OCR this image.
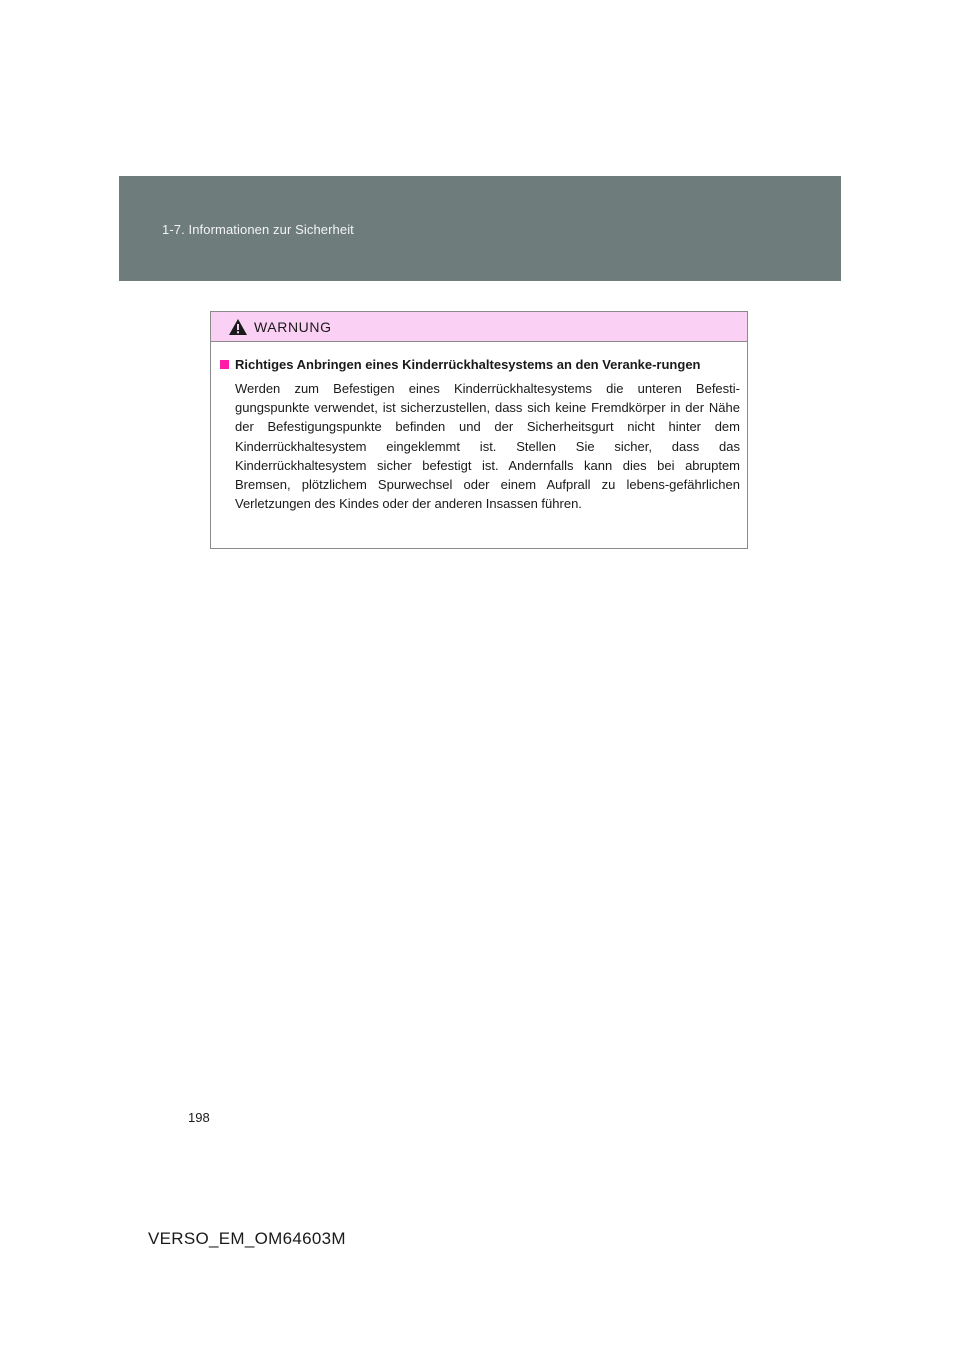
1-7. Informationen zur Sicherheit
WARNUNG
Richtiges Anbringen eines Kinderrückhaltesystems an den Veranke-rungen
Werden zum Befestigen eines Kinderrückhaltesystems die unteren Befesti-gungspunkte verwendet, ist sicherzustellen, dass sich keine Fremdkörper in der Nähe der Befestigungspunkte befinden und der Sicherheitsgurt nicht hinter dem Kinderrückhaltesystem eingeklemmt ist. Stellen Sie sicher, dass das Kinderrückhaltesystem sicher befestigt ist. Andernfalls kann dies bei abruptem Bremsen, plötzlichem Spurwechsel oder einem Aufprall zu lebens-gefährlichen Verletzungen des Kindes oder der anderen Insassen führen.
198
VERSO_EM_OM64603M
